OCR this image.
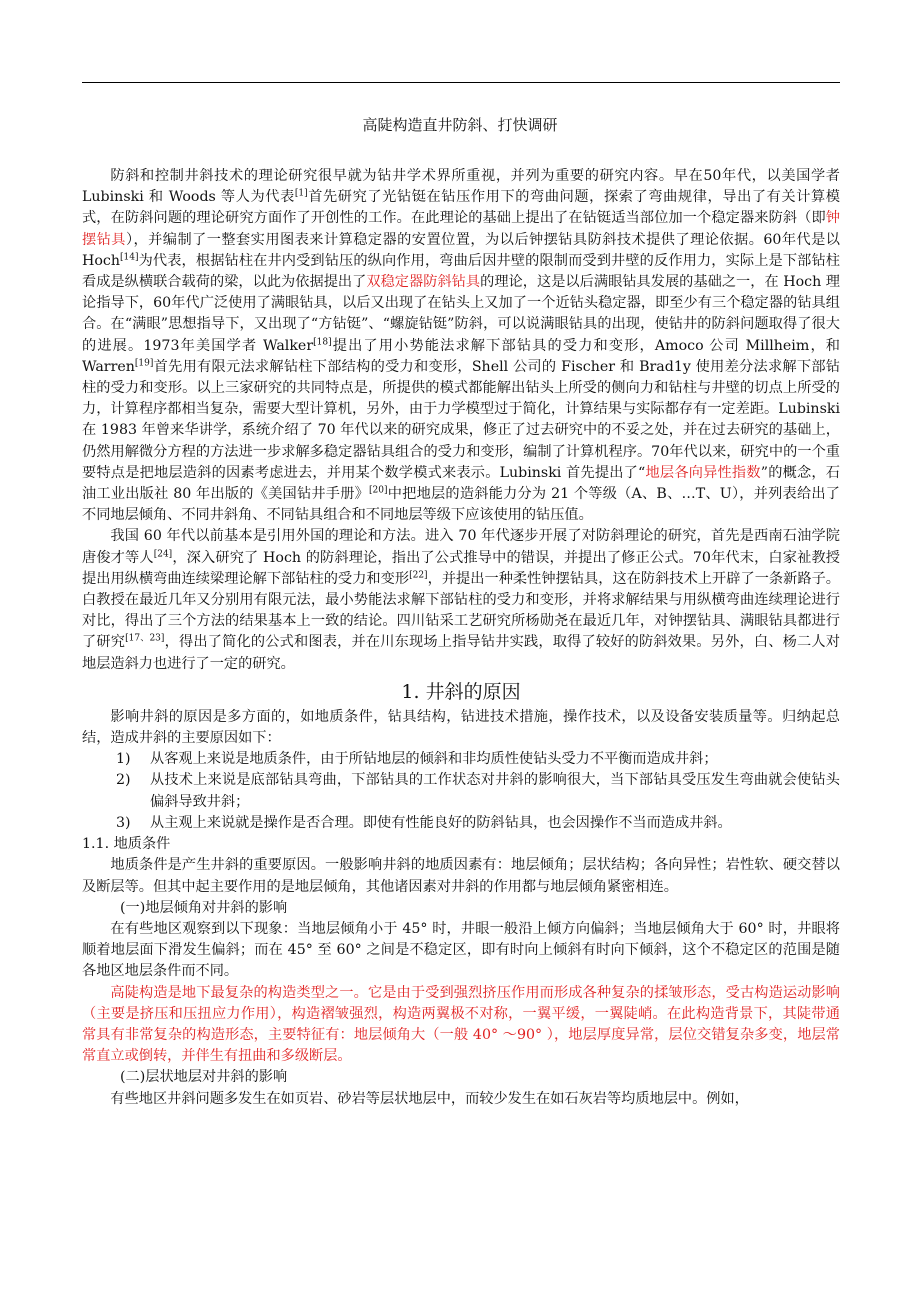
高陡构造直井防斜、打快调研

防斜和控制井斜技术的理论研究很早就为钻井学术界所重视，并列为重要的研究内容。早在50年代，以美国学者 Lubinski 和 Woods 等人为代表[1]首先研究了光钻铤在钻压作用下的弯曲问题，探索了弯曲规律，导出了有关计算模式，在防斜问题的理论研究方面作了开创性的工作。在此理论的基础上提出了在钻铤适当部位加一个稳定器来防斜（即钟摆钻具），并编制了一整套实用图表来计算稳定器的安置位置，为以后钟摆钻具防斜技术提供了理论依据。60年代是以 Hoch[14]为代表，根据钻柱在井内受到钻压的纵向作用，弯曲后因井壁的限制而受到井壁的反作用力，实际上是下部钻柱看成是纵横联合载荷的梁，以此为依据提出了双稳定器防斜钻具的理论，这是以后满眼钻具发展的基础之一，在 Hoch 理论指导下，60年代广泛使用了满眼钻具，以后又出现了在钻头上又加了一个近钻头稳定器，即至少有三个稳定器的钻具组合。在“满眼”思想指导下，又出现了“方钻铤”、“螺旋钻铤”防斜，可以说满眼钻具的出现，使钻井的防斜问题取得了很大的进展。1973年美国学者 Walker[18]提出了用小势能法求解下部钻具的受力和变形，Amoco 公司 Millheim，和 Warren[19]首先用有限元法求解钻柱下部结构的受力和变形，Shell 公司的 Fischer 和 Brad1y 使用差分法求解下部钻柱的受力和变形。以上三家研究的共同特点是，所提供的模式都能解出钻头上所受的侧向力和钻柱与井壁的切点上所受的力，计算程序都相当复杂，需要大型计算机，另外，由于力学模型过于简化，计算结果与实际都存有一定差距。Lubinski 在 1983 年曾来华讲学，系统介绍了 70 年代以来的研究成果，修正了过去研究中的不妥之处，并在过去研究的基础上，仍然用解微分方程的方法进一步求解多稳定器钻具组合的受力和变形，编制了计算机程序。70年代以来，研究中的一个重要特点是把地层造斜的因素考虑进去，并用某个数学模式来表示。Lubinski 首先提出了“地层各向异性指数”的概念，石油工业出版社 80 年出版的《美国钻井手册》[20]中把地层的造斜能力分为 21 个等级（A、B、…T、U），并列表给出了不同地层倾角、不同井斜角、不同钻具组合和不同地层等级下应该使用的钻压值。

我国 60 年代以前基本是引用外国的理论和方法。进入 70 年代逐步开展了对防斜理论的研究，首先是西南石油学院唐俊才等人[24]，深入研究了 Hoch 的防斜理论，指出了公式推导中的错误，并提出了修正公式。70年代末，白家祉教授提出用纵横弯曲连续梁理论解下部钻柱的受力和变形[22]，并提出一种柔性钟摆钻具，这在防斜技术上开辟了一条新路子。白教授在最近几年又分别用有限元法，最小势能法求解下部钻柱的受力和变形，并将求解结果与用纵横弯曲连续理论进行对比，得出了三个方法的结果基本上一致的结论。四川钻采工艺研究所杨勋尧在最近几年，对钟摆钻具、满眼钻具都进行了研究[17、23]，得出了简化的公式和图表，并在川东现场上指导钻井实践，取得了较好的防斜效果。另外，白、杨二人对地层造斜力也进行了一定的研究。

1. 井斜的原因

影响井斜的原因是多方面的，如地质条件，钻具结构，钻进技术措施，操作技术，以及设备安装质量等。归纳起总结，造成井斜的主要原因如下：

1)	从客观上来说是地质条件，由于所钻地层的倾斜和非均质性使钻头受力不平衡而造成井斜；
2)	从技术上来说是底部钻具弯曲，下部钻具的工作状态对井斜的影响很大，当下部钻具受压发生弯曲就会使钻头偏斜导致井斜；
3)	从主观上来说就是操作是否合理。即使有性能良好的防斜钻具，也会因操作不当而造成井斜。

1.1. 地质条件

地质条件是产生井斜的重要原因。一般影响井斜的地质因素有：地层倾角；层状结构；各向异性；岩性软、硬交替以及断层等。但其中起主要作用的是地层倾角，其他诸因素对井斜的作用都与地层倾角紧密相连。

(一)地层倾角对井斜的影响

在有些地区观察到以下现象：当地层倾角小于 45° 时，井眼一般沿上倾方向偏斜；当地层倾角大于 60° 时，井眼将顺着地层面下滑发生偏斜；而在 45° 至 60° 之间是不稳定区，即有时向上倾斜有时向下倾斜，这个不稳定区的范围是随各地区地层条件而不同。

高陡构造是地下最复杂的构造类型之一。它是由于受到强烈挤压作用而形成各种复杂的揉皱形态，受古构造运动影响（主要是挤压和压扭应力作用），构造褶皱强烈，构造两翼极不对称，一翼平缓，一翼陡峭。在此构造背景下，其陡带通常具有非常复杂的构造形态，主要特征有：地层倾角大（一般 40° ～90° ），地层厚度异常，层位交错复杂多变，地层常常直立或倒转，并伴生有扭曲和多级断层。

(二)层状地层对井斜的影响

有些地区井斜问题多发生在如页岩、砂岩等层状地层中，而较少发生在如石灰岩等均质地层中。例如，
